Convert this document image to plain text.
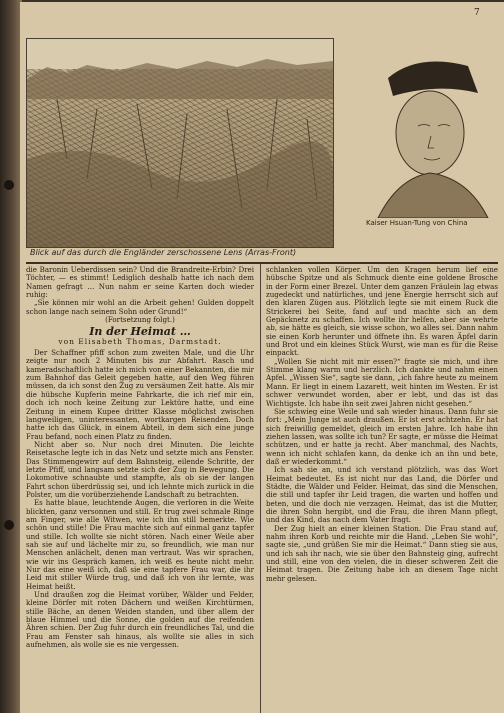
7
Blick auf das durch die Engländer zerschossene Lens (Arras-Front)
Kaiser Hsuan-Tung von China

die Baronin Ueberdissen sein? Und die Brandreite-Erbin? Drei Töchter, — es stimmt! Lediglich deshalb hatte ich nach dem Namen gefragt … Nun nahm er seine Karten doch wieder ruhig:

„Sie können mir wohl an die Arbeit gehen! Gulden doppelt schon lange nach seinem Sohn oder Grund!“

(Fortsetzung folgt.)

In der Heimat …
von Elisabeth Thomas, Darmstadt.

Der Schaffner pfiff schon zum zweiten Male, und die Uhr zeigte nur noch 2 Minuten bis zur Abfahrt. Rasch und kameradschaftlich hatte ich mich von einer Bekannten, die mir zum Bahnhof das Geleit gegeben hatte, auf den Weg führen müssen, da ich sonst den Zug zu versäumen Zeit hatte. Als mir die hübsche Kupferin meine Fahrkarte, die ich rief mir ein, doch ich noch keine Zeitung zur Lektüre hatte, und eine Zeitung in einem Kupee dritter Klasse möglichst zwischen langweiligen, uninteressanten, wortkargen Reisenden. Doch hatte ich das Glück, in einem Abteil, in dem sich eine junge Frau befand, noch einen Platz zu finden.

Nicht aber so. Nur noch drei Minuten. Die leichte Reisetasche legte ich in das Netz und setzte mich ans Fenster. Das Stimmengewirr auf dem Bahnsteig, eilende Schritte, der letzte Pfiff, und langsam setzte sich der Zug in Bewegung. Die Lokomotive schnaubte und stampfte, als ob sie der langen Fahrt schon überdrüssig sei, und ich lehnte mich zurück in die Polster, um die vorüberziehende Landschaft zu betrachten.

Es hatte blaue, leuchtende Augen, die verloren in die Weite blickten, ganz versonnen und still. Er trug zwei schmale Ringe am Finger, wie alle Witwen, wie ich ihn still bemerkte. Wie schön und stille! Die Frau machte sich auf einmal ganz tapfer und stille. Ich wollte sie nicht stören. Nach einer Weile aber sah sie auf und lächelte mir zu, so freundlich, wie man nur Menschen anlächelt, denen man vertraut. Was wir sprachen, wie wir ins Gespräch kamen, ich weiß es heute nicht mehr. Nur das eine weiß ich, daß sie eine tapfere Frau war, die ihr Leid mit stiller Würde trug, und daß ich von ihr lernte, was Heimat heißt.

Und draußen zog die Heimat vorüber, Wälder und Felder, kleine Dörfer mit roten Dächern und weißen Kirchtürmen, stille Bäche, an denen Weiden standen, und über allem der blaue Himmel und die Sonne, die golden auf die reifenden Ähren schien. Der Zug fuhr durch ein freundliches Tal, und die Frau am Fenster sah hinaus, als wollte sie alles in sich aufnehmen, als wolle sie es nie vergessen.

schlanken vollen Körper. Um den Kragen herum lief eine hübsche Spitze und als Schmuck diente eine goldene Brosche in der Form einer Brezel. Unter dem ganzen Fräulein lag etwas zugedeckt und natürliches, und jene Energie herrscht sich auf den klaren Zügen aus. Plötzlich legte sie mit einem Ruck die Strickerei bei Seite, fand auf und machte sich an dem Gepäcknetz zu schaffen. Ich wollte ihr helfen, aber sie wehrte ab, sie hätte es gleich, sie wisse schon, wo alles sei. Dann nahm sie einen Korb herunter und öffnete ihn. Es waren Äpfel darin und Brot und ein kleines Stück Wurst, wie man es für die Reise einpackt.

„Wollen Sie nicht mit mir essen?“ fragte sie mich, und ihre Stimme klang warm und herzlich. Ich dankte und nahm einen Apfel. „Wissen Sie“, sagte sie dann, „ich fahre heute zu meinem Mann. Er liegt in einem Lazarett, weit hinten im Westen. Er ist schwer verwundet worden, aber er lebt, und das ist das Wichtigste. Ich habe ihn seit zwei Jahren nicht gesehen.“

Sie schwieg eine Weile und sah wieder hinaus. Dann fuhr sie fort: „Mein Junge ist auch draußen. Er ist erst achtzehn. Er hat sich freiwillig gemeldet, gleich im ersten Jahre. Ich habe ihn ziehen lassen, was sollte ich tun? Er sagte, er müsse die Heimat schützen, und er hatte ja recht. Aber manchmal, des Nachts, wenn ich nicht schlafen kann, da denke ich an ihn und bete, daß er wiederkommt.“

Ich sah sie an, und ich verstand plötzlich, was das Wort Heimat bedeutet. Es ist nicht nur das Land, die Dörfer und Städte, die Wälder und Felder. Heimat, das sind die Menschen, die still und tapfer ihr Leid tragen, die warten und hoffen und beten, und die doch nie verzagen. Heimat, das ist die Mutter, die ihren Sohn hergibt, und die Frau, die ihren Mann pflegt, und das Kind, das nach dem Vater fragt.

Der Zug hielt an einer kleinen Station. Die Frau stand auf, nahm ihren Korb und reichte mir die Hand. „Leben Sie wohl“, sagte sie, „und grüßen Sie mir die Heimat.“ Dann stieg sie aus, und ich sah ihr nach, wie sie über den Bahnsteig ging, aufrecht und still, eine von den vielen, die in dieser schweren Zeit die Heimat tragen. Die Zeitung habe ich an diesem Tage nicht mehr gelesen.
